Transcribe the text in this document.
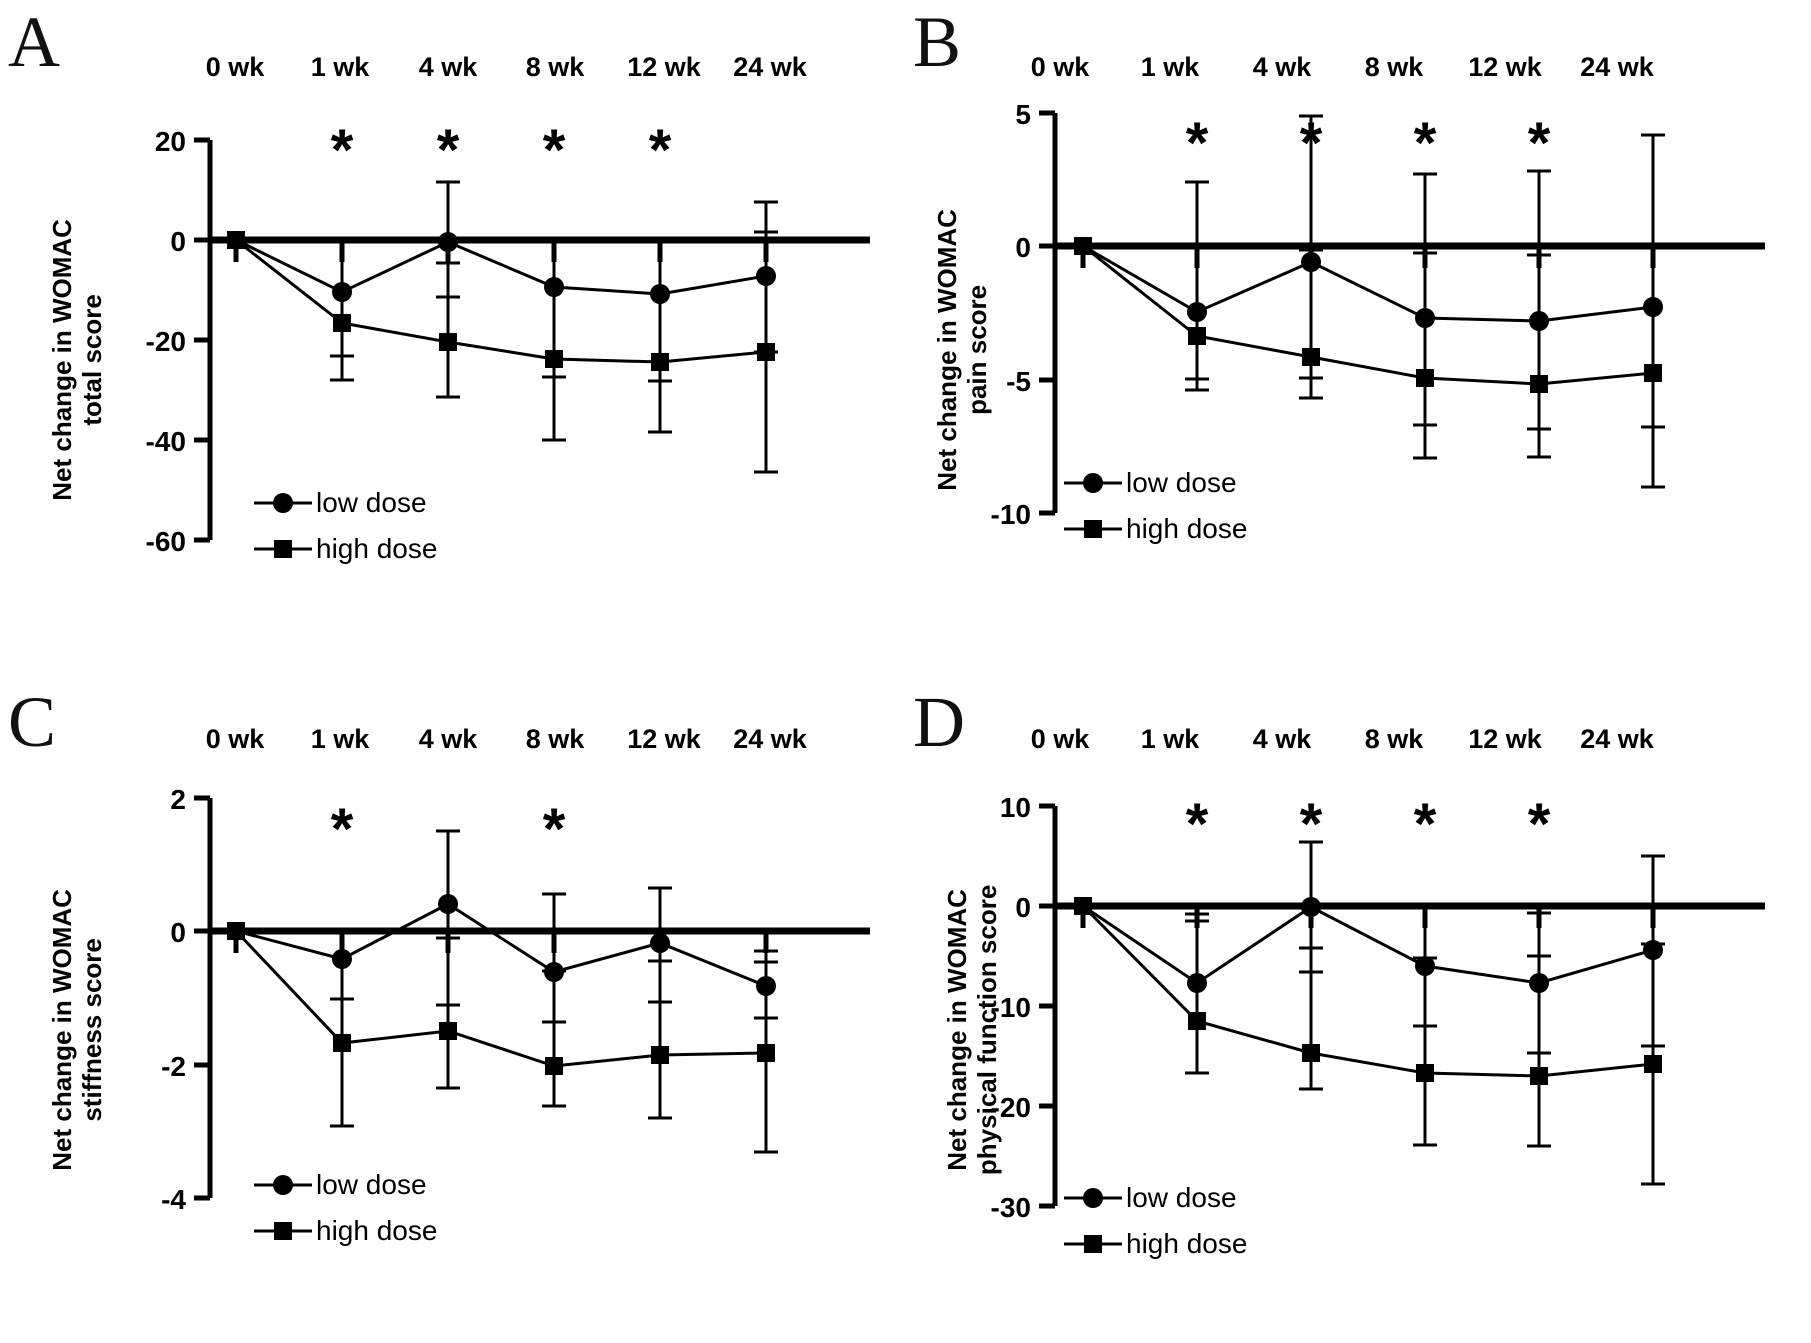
A	0 wk	1 wk	4 wk	8 wk	12 wk	24 wk
Net change in WOMAC
total score
20
0
-20
-40
-60
* * * *
low dose
high dose
B	0 wk	1 wk	4 wk	8 wk	12 wk	24 wk
Net change in WOMAC
pain score
5
0
-5
-10
* * * *
low dose
high dose
C	0 wk	1 wk	4 wk	8 wk	12 wk	24 wk
Net change in WOMAC
stiffness score
2
0
-2
-4
*	*
low dose
high dose
D	0 wk	1 wk	4 wk	8 wk	12 wk	24 wk
Net change in WOMAC
physical function score
10
0
-10
-20
-30
* * * *
low dose
high dose
